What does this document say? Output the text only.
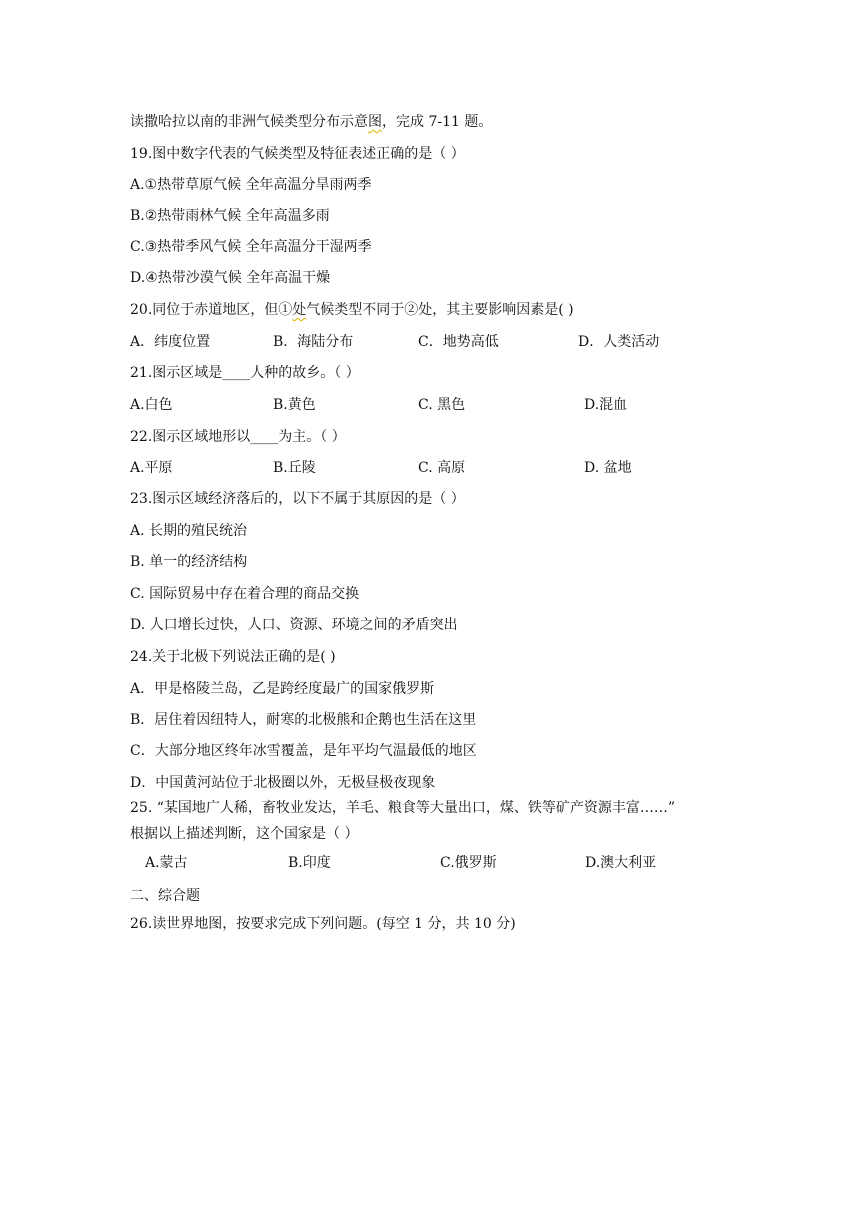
读撒哈拉以南的非洲气候类型分布示意图，完成 7-11 题。
19.图中数字代表的气候类型及特征表述正确的是（ ）
A.①热带草原气候 全年高温分旱雨两季
B.②热带雨林气候 全年高温多雨
C.③热带季风气候 全年高温分干湿两季
D.④热带沙漠气候 全年高温干燥
20.同位于赤道地区，但①处气候类型不同于②处，其主要影响因素是( )
A．纬度位置	B．海陆分布	C．地势高低	D．人类活动
21.图示区域是____人种的故乡。（ ）
A.白色	B.黄色	C. 黑色	D.混血
22.图示区域地形以____为主。（ ）
A.平原	B.丘陵	C. 高原	D. 盆地
23.图示区域经济落后的，以下不属于其原因的是（ ）
A. 长期的殖民统治
B. 单一的经济结构
C. 国际贸易中存在着合理的商品交换
D. 人口增长过快，人口、资源、环境之间的矛盾突出
24.关于北极下列说法正确的是( )
A．甲是格陵兰岛，乙是跨经度最广的国家俄罗斯
B．居住着因纽特人，耐寒的北极熊和企鹅也生活在这里
C．大部分地区终年冰雪覆盖，是年平均气温最低的地区
D．中国黄河站位于北极圈以外，无极昼极夜现象
25. “某国地广人稀，畜牧业发达，羊毛、粮食等大量出口，煤、铁等矿产资源丰富……”
根据以上描述判断，这个国家是（ ）
A.蒙古	B.印度	C.俄罗斯	D.澳大利亚
二、综合题
26.读世界地图，按要求完成下列问题。(每空 1 分，共 10 分)
